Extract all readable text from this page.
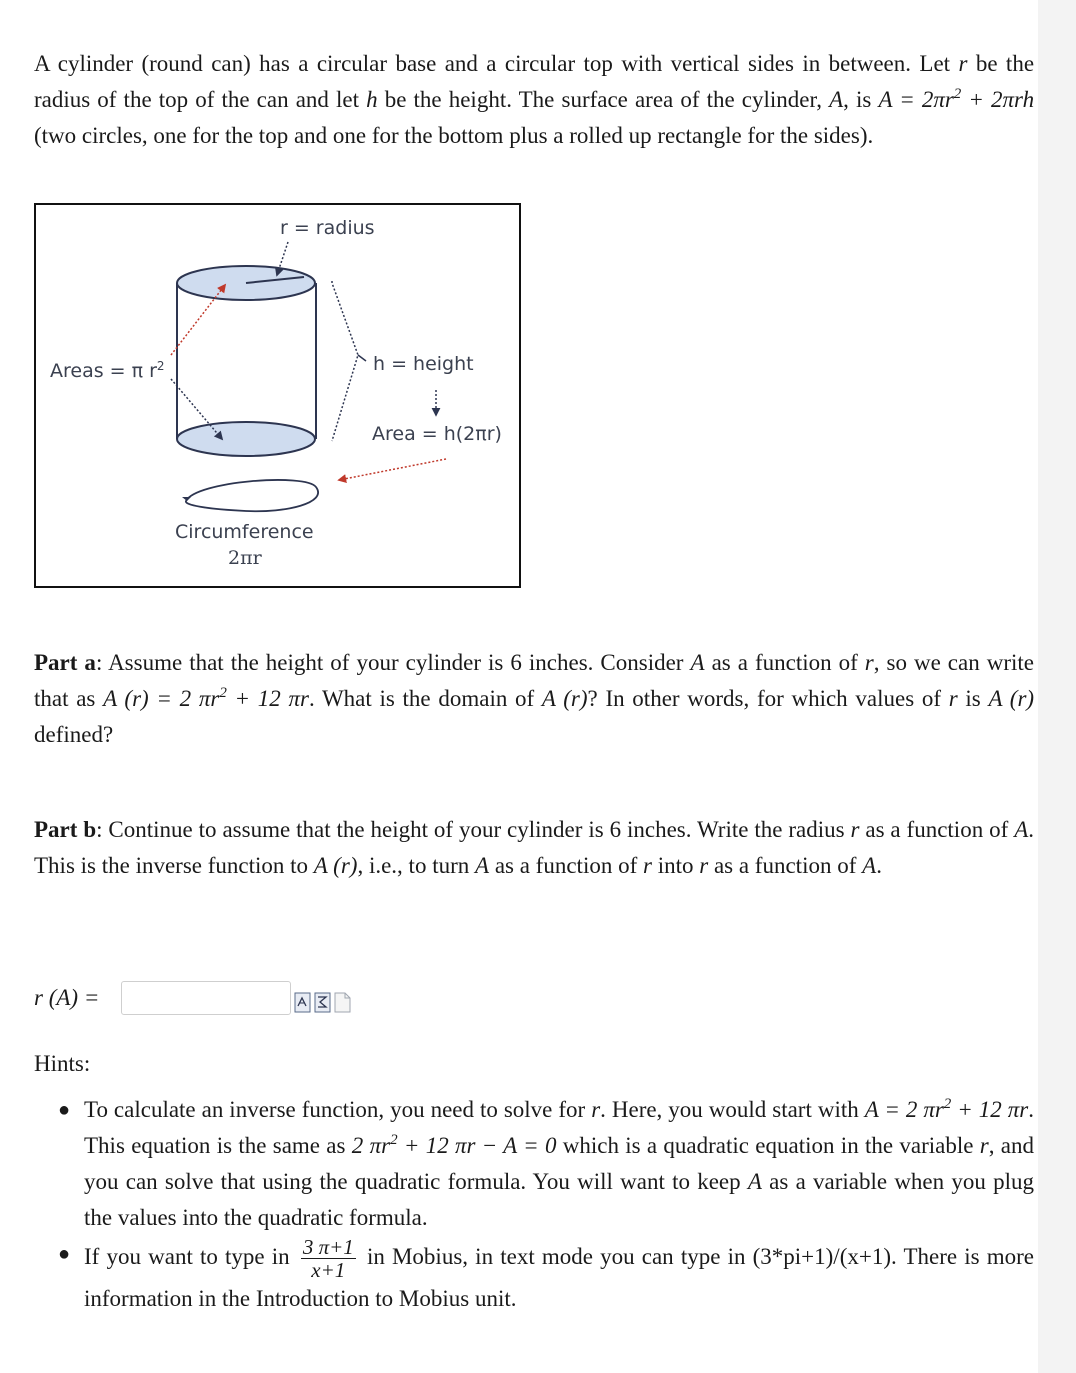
A cylinder (round can) has a circular base and a circular top with vertical sides in between. Let r be the radius of the top of the can and let h be the height. The surface area of the cylinder, A, is $A = 2\pi r^2 + 2\pi rh$ (two circles, one for the top and one for the bottom plus a rolled up rectangle for the sides).
r = radius
Areas = π $r^2$	h = height
Area = h(2πr)
Circumference
2πr
Part a: Assume that the height of your cylinder is 6 inches. Consider A as a function of r, so we can write that as A (r) = 2 $\pi r^2 + 12$ πr. What is the domain of A (r)? In other words, for which values of r is A (r) defined?
Part b: Continue to assume that the height of your cylinder is 6 inches. Write the radius r as a function of A. This is the inverse function to A (r), i.e., to turn A as a function of r into r as a function of A.
r (A) =
Hints:
● To calculate an inverse function, you need to solve for r. Here, you would start with A = 2 $\pi r^2 + 12$ πr. This equation is the same as 2 $\pi r^2 + 12$ πr − A = 0 which is a quadratic equation in the variable r, and you can solve that using the quadratic formula. You will want to keep A as a variable when you plug the values into the quadratic formula.
● If you want to type in $\frac{3 \pi+1}{x+1}$ in Mobius, in text mode you can type in (3*pi+1)/(x+1). There is more information in the Introduction to Mobius unit.
